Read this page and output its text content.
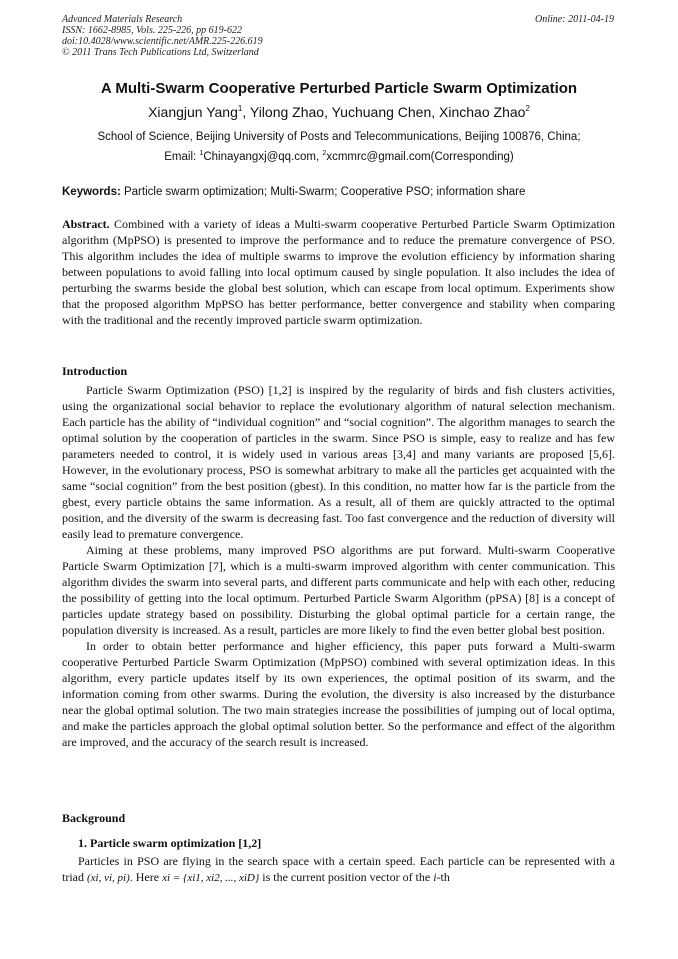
Advanced Materials Research
ISSN: 1662-8985, Vols. 225-226, pp 619-622
doi:10.4028/www.scientific.net/AMR.225-226.619
© 2011 Trans Tech Publications Ltd, Switzerland
Online: 2011-04-19
A Multi-Swarm Cooperative Perturbed Particle Swarm Optimization
Xiangjun Yang$^1$, Yilong Zhao, Yuchuang Chen, Xinchao Zhao$^2$
School of Science, Beijing University of Posts and Telecommunications, Beijing 100876, China;
Email: $^1$Chinayangxj@qq.com, $^2$xcmmrc@gmail.com(Corresponding)
Keywords: Particle swarm optimization; Multi-Swarm; Cooperative PSO; information share
Abstract. Combined with a variety of ideas a Multi-swarm cooperative Perturbed Particle Swarm Optimization algorithm (MpPSO) is presented to improve the performance and to reduce the premature convergence of PSO. This algorithm includes the idea of multiple swarms to improve the evolution efficiency by information sharing between populations to avoid falling into local optimum caused by single population. It also includes the idea of perturbing the swarms beside the global best solution, which can escape from local optimum. Experiments show that the proposed algorithm MpPSO has better performance, better convergence and stability when comparing with the traditional and the recently improved particle swarm optimization.
Introduction

Particle Swarm Optimization (PSO) [1,2] is inspired by the regularity of birds and fish clusters activities, using the organizational social behavior to replace the evolutionary algorithm of natural selection mechanism. Each particle has the ability of “individual cognition” and “social cognition”. The algorithm manages to search the optimal solution by the cooperation of particles in the swarm. Since PSO is simple, easy to realize and has few parameters needed to control, it is widely used in various areas [3,4] and many variants are proposed [5,6]. However, in the evolutionary process, PSO is somewhat arbitrary to make all the particles get acquainted with the same “social cognition” from the best position (gbest). In this condition, no matter how far is the particle from the gbest, every particle obtains the same information. As a result, all of them are quickly attracted to the optimal position, and the diversity of the swarm is decreasing fast. Too fast convergence and the reduction of diversity will easily lead to premature convergence.

Aiming at these problems, many improved PSO algorithms are put forward. Multi-swarm Cooperative Particle Swarm Optimization [7], which is a multi-swarm improved algorithm with center communication. This algorithm divides the swarm into several parts, and different parts communicate and help with each other, reducing the possibility of getting into the local optimum. Perturbed Particle Swarm Algorithm (pPSA) [8] is a concept of particles update strategy based on possibility. Disturbing the global optimal particle for a certain range, the population diversity is increased. As a result, particles are more likely to find the even better global best position.

In order to obtain better performance and higher efficiency, this paper puts forward a Multi-swarm cooperative Perturbed Particle Swarm Optimization (MpPSO) combined with several optimization ideas. In this algorithm, every particle updates itself by its own experiences, the optimal position of its swarm, and the information coming from other swarms. During the evolution, the diversity is also increased by the disturbance near the global optimal solution. The two main strategies increase the possibilities of jumping out of local optima, and make the particles approach the global optimal solution better. So the performance and effect of the algorithm are improved, and the accuracy of the search result is increased.

Background
1. Particle swarm optimization [1,2]

Particles in PSO are flying in the search space with a certain speed. Each particle can be represented with a triad (xi, vi, pi). Here xi = {xi1, xi2, ..., xiD} is the current position vector of the i-th
